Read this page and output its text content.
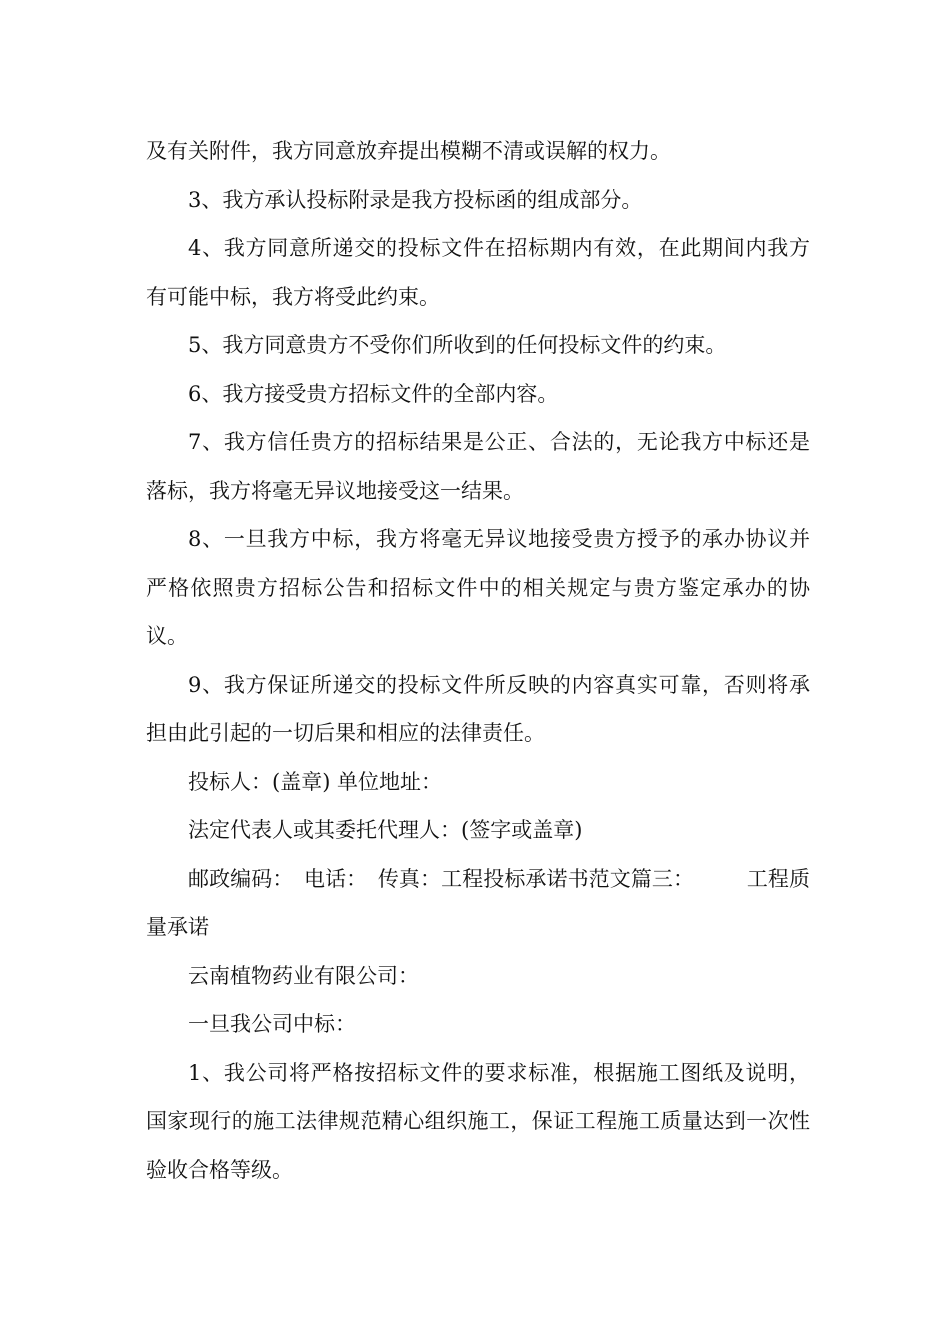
及有关附件，我方同意放弃提出模糊不清或误解的权力。

3、我方承认投标附录是我方投标函的组成部分。

4、我方同意所递交的投标文件在招标期内有效，在此期间内我方有可能中标，我方将受此约束。

5、我方同意贵方不受你们所收到的任何投标文件的约束。

6、我方接受贵方招标文件的全部内容。

7、我方信任贵方的招标结果是公正、合法的，无论我方中标还是落标，我方将毫无异议地接受这一结果。

8、一旦我方中标，我方将毫无异议地接受贵方授予的承办协议并严格依照贵方招标公告和招标文件中的相关规定与贵方鉴定承办的协议。

9、我方保证所递交的投标文件所反映的内容真实可靠，否则将承担由此引起的一切后果和相应的法律责任。

投标人：(盖章) 单位地址：

法定代表人或其委托代理人：(签字或盖章)

邮政编码：　电话：　传真：工程投标承诺书范文篇三：　　　工程质量承诺

云南植物药业有限公司：

一旦我公司中标：

1、我公司将严格按招标文件的要求标准，根据施工图纸及说明，国家现行的施工法律规范精心组织施工，保证工程施工质量达到一次性验收合格等级。
